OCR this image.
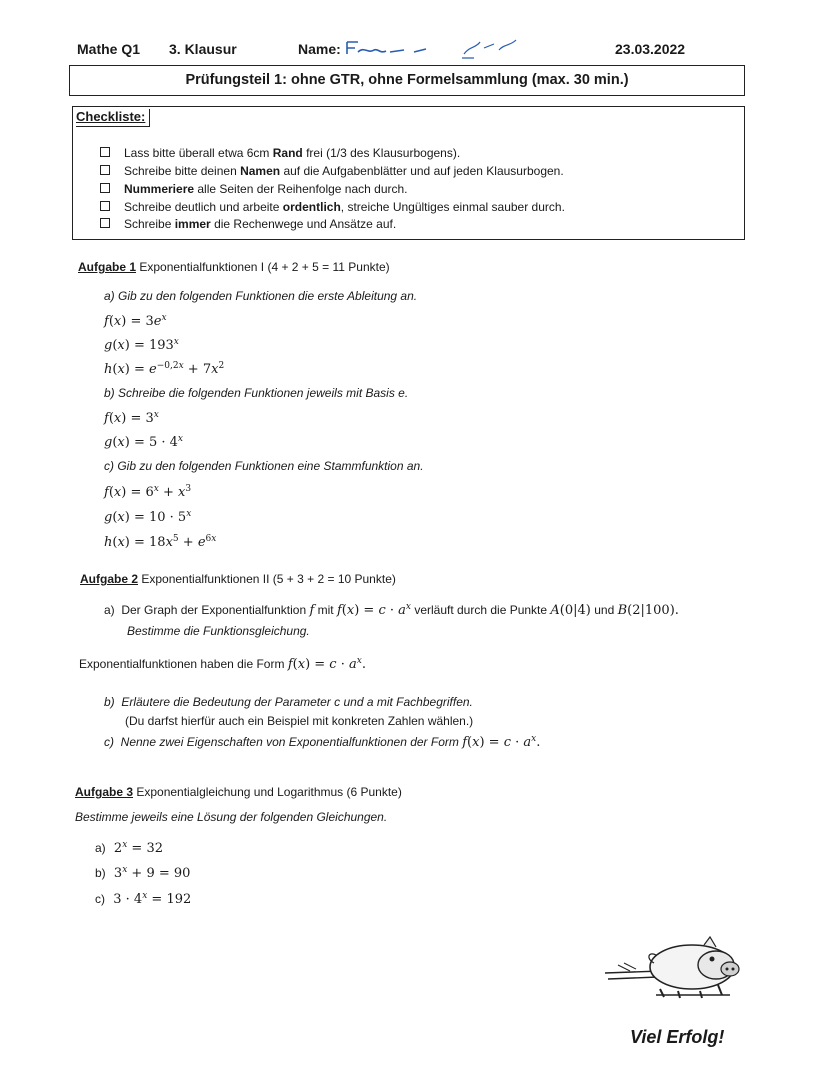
Mathe Q1 3. Klausur	Name:	23.03.2022
Prüfungsteil 1: ohne GTR, ohne Formelsammlung (max. 30 min.)
Checkliste:
Lass bitte überall etwa 6cm Rand frei (1/3 des Klausurbogens).
Schreibe bitte deinen Namen auf die Aufgabenblätter und auf jeden Klausurbogen.
Nummeriere alle Seiten der Reihenfolge nach durch.
Schreibe deutlich und arbeite ordentlich, streiche Ungültiges einmal sauber durch.
Schreibe immer die Rechenwege und Ansätze auf.
Aufgabe 1 Exponentialfunktionen I (4 + 2 + 5 = 11 Punkte)
a) Gib zu den folgenden Funktionen die erste Ableitung an.
$f(x) = 3e^x$
$g(x) = 193^x$
$h(x) = e^{-0,2x} + 7x^2$
b) Schreibe die folgenden Funktionen jeweils mit Basis e.
$f(x) = 3^x$
$g(x) = 5 \cdot 4^x$
c) Gib zu den folgenden Funktionen eine Stammfunktion an.
$f(x) = 6^x + x^3$
$g(x) = 10 \cdot 5^x$
$h(x) = 18x^5 + e^{6x}$
Aufgabe 2 Exponentialfunktionen II (5 + 3 + 2 = 10 Punkte)
a) Der Graph der Exponentialfunktion f mit $f(x) = c \cdot a^x$ verläuft durch die Punkte A(0|4) und B(2|100).
Bestimme die Funktionsgleichung.
Exponentialfunktionen haben die Form $f(x) = c \cdot a^x$.
b) Erläutere die Bedeutung der Parameter c und a mit Fachbegriffen.
(Du darfst hierfür auch ein Beispiel mit konkreten Zahlen wählen.)
c) Nenne zwei Eigenschaften von Exponentialfunktionen der Form $f(x) = c \cdot a^x$.
Aufgabe 3 Exponentialgleichung und Logarithmus (6 Punkte)
Bestimme jeweils eine Lösung der folgenden Gleichungen.
a)  $2^x = 32$
b)  $3^x + 9 = 90$
c)  $3 \cdot 4^x = 192$
Viel Erfolg!
